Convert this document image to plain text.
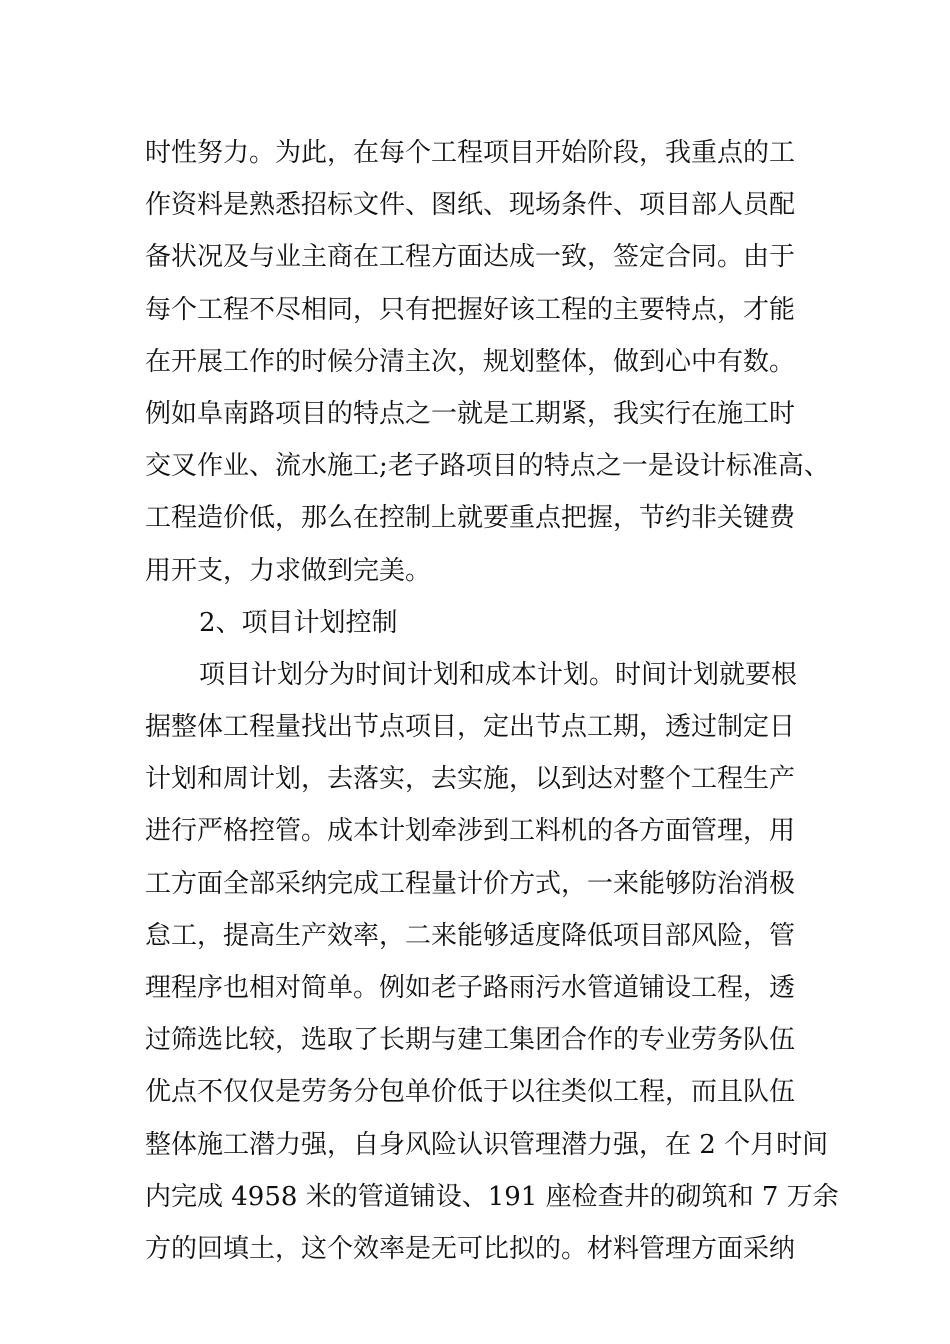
时性努力。为此，在每个工程项目开始阶段，我重点的工
作资料是熟悉招标文件、图纸、现场条件、项目部人员配
备状况及与业主商在工程方面达成一致，签定合同。由于
每个工程不尽相同，只有把握好该工程的主要特点，才能
在开展工作的时候分清主次，规划整体，做到心中有数。
例如阜南路项目的特点之一就是工期紧，我实行在施工时
交叉作业、流水施工;老子路项目的特点之一是设计标准高、
工程造价低，那么在控制上就要重点把握，节约非关键费
用开支，力求做到完美。
2、项目计划控制
项目计划分为时间计划和成本计划。时间计划就要根
据整体工程量找出节点项目，定出节点工期，透过制定日
计划和周计划，去落实，去实施，以到达对整个工程生产
进行严格控管。成本计划牵涉到工料机的各方面管理，用
工方面全部采纳完成工程量计价方式，一来能够防治消极
怠工，提高生产效率，二来能够适度降低项目部风险，管
理程序也相对简单。例如老子路雨污水管道铺设工程，透
过筛选比较，选取了长期与建工集团合作的专业劳务队伍
优点不仅仅是劳务分包单价低于以往类似工程，而且队伍
整体施工潜力强，自身风险认识管理潜力强，在 2 个月时间
内完成 4958 米的管道铺设、191 座检查井的砌筑和 7 万余
方的回填土，这个效率是无可比拟的。材料管理方面采纳
